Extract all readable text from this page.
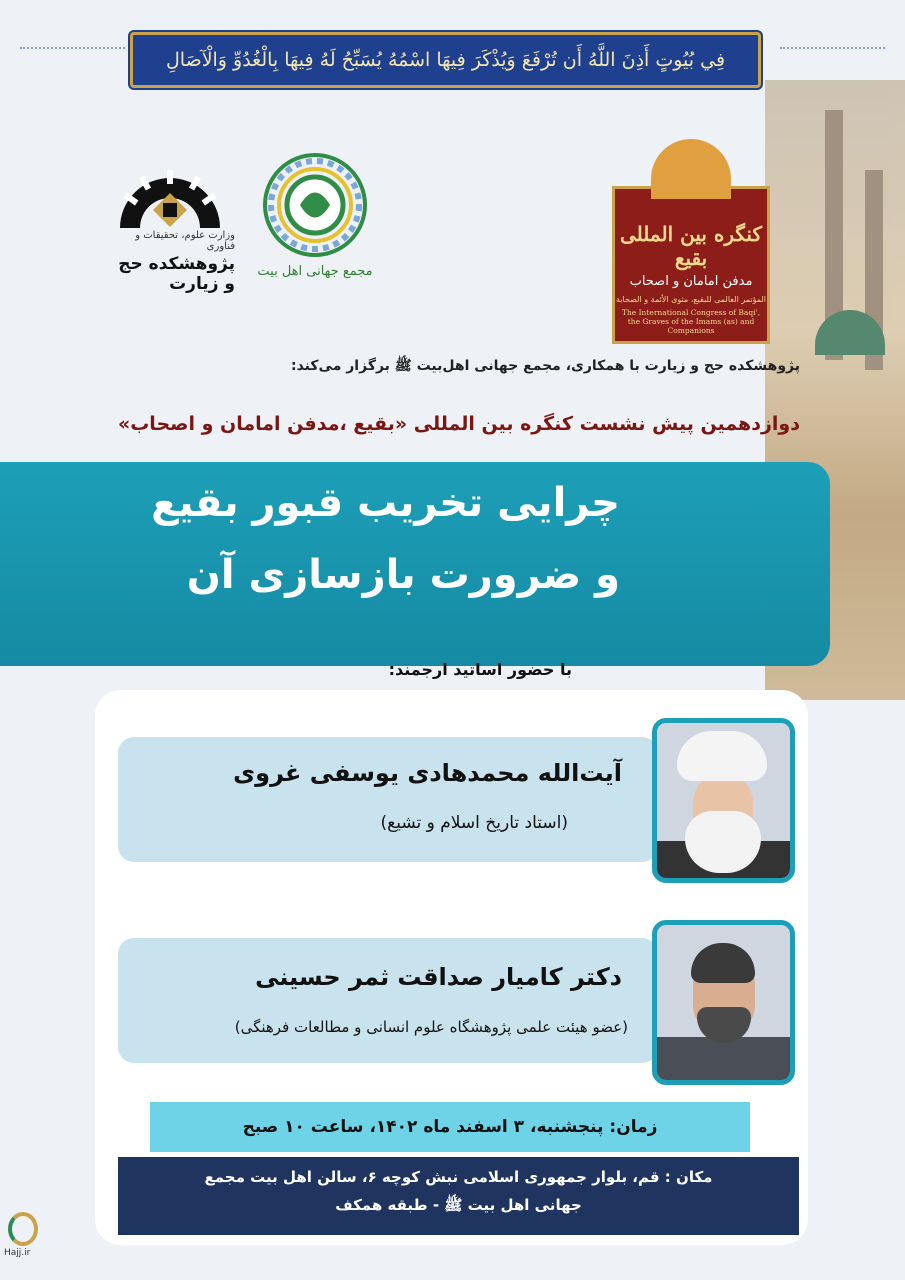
فِي بُيُوتٍ أَذِنَ اللَّهُ أَن تُرْفَعَ وَيُذْكَرَ فِيهَا اسْمُهُ يُسَبِّحُ لَهُ فِيهَا بِالْغُدُوِّ وَالْآصَالِ
وزارت علوم، تحقیقات و فناوری
پژوهشکده حج و زیارت
مجمع جهانی اهل بیت
کنگره بین المللی بقیع
مدفن امامان و اصحاب
المؤتمر العالمی للبقیع، مثوی الأئمة و الصحابة
The International Congress of Baqi', the Graves of the Imams (as) and Companions
پژوهشکده حج و زیارت با همکاری، مجمع جهانی اهل‌بیت ﷺ برگزار می‌کند:
دوازدهمین پیش نشست کنگره بین المللی «بقیع ،مدفن امامان و اصحاب»
چرایی تخریب قبور بقیع
و ضرورت بازسازی آن
با حضور اساتید ارجمند:
آیت‌الله محمدهادی یوسفی غروی
(استاد تاریخ اسلام و تشیع)
دکتر کامیار صداقت ثمر حسینی
(عضو هیئت علمی پژوهشگاه علوم انسانی و مطالعات فرهنگی)
زمان: پنجشنبه، ۳ اسفند ماه ۱۴۰۲، ساعت ۱۰ صبح
مکان : قم، بلوار جمهوری اسلامی نبش کوچه ۶، سالن اهل بیت مجمع
جهانی اهل بیت ﷺ - طبقه همکف
Hajj.ir
